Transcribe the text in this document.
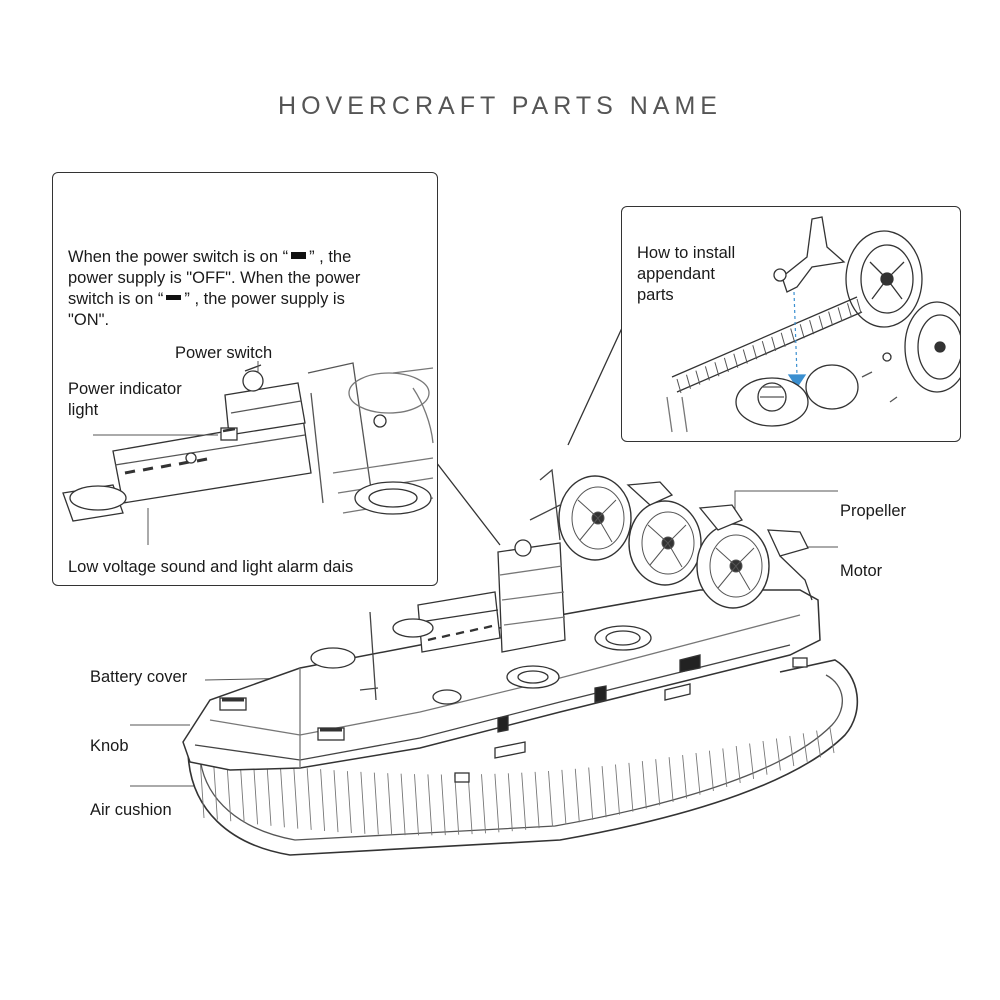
HOVERCRAFT PARTS NAME
When the power switch is on “ ” , the
power supply is "OFF". When the power
switch is on “ ” , the power supply is
"ON".
Power switch
Power indicator
light
Low voltage sound and light alarm dais
How to install
appendant
parts
Propeller
Motor
Battery cover
Knob
Air cushion
